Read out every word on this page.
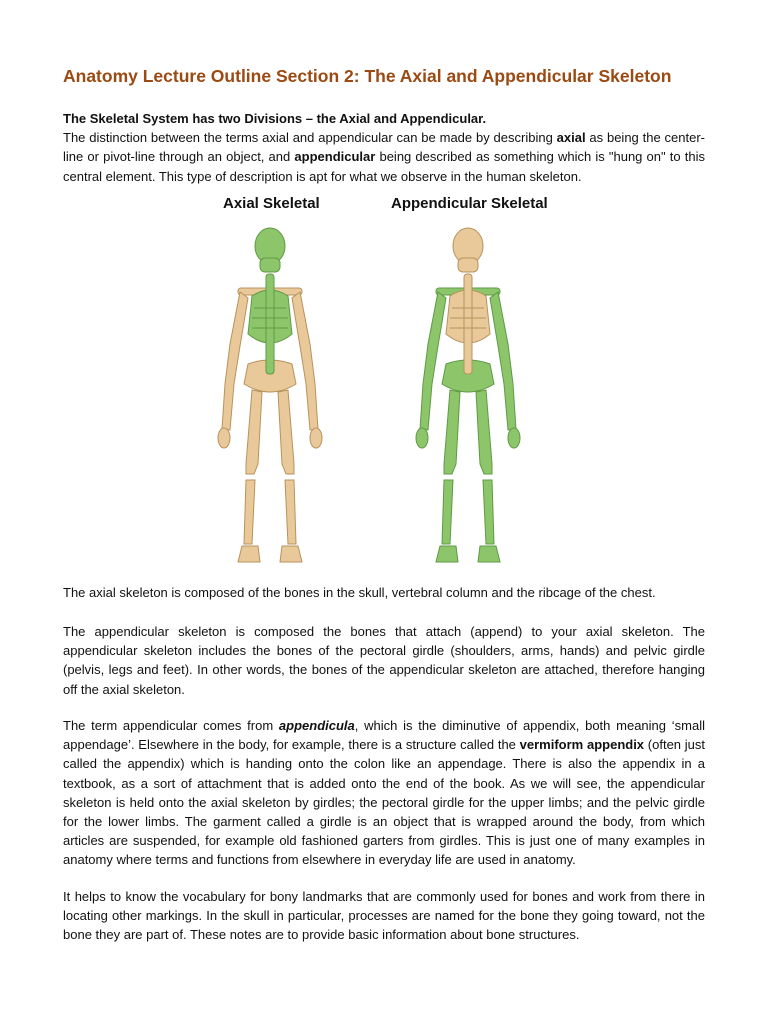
Anatomy Lecture Outline Section 2: The Axial and Appendicular Skeleton
The Skeletal System has two Divisions – the Axial and Appendicular.
The distinction between the terms axial and appendicular can be made by describing axial as being the center-line or pivot-line through an object, and appendicular being described as something which is "hung on" to this central element. This type of description is apt for what we observe in the human skeleton.
Axial Skeletal	Appendicular Skeletal
The axial skeleton is composed of the bones in the skull, vertebral column and the ribcage of the chest.
The appendicular skeleton is composed the bones that attach (append) to your axial skeleton. The appendicular skeleton includes the bones of the pectoral girdle (shoulders, arms, hands) and pelvic girdle (pelvis, legs and feet). In other words, the bones of the appendicular skeleton are attached, therefore hanging off the axial skeleton.
The term appendicular comes from appendicula, which is the diminutive of appendix, both meaning ‘small appendage’. Elsewhere in the body, for example, there is a structure called the vermiform appendix (often just called the appendix) which is handing onto the colon like an appendage. There is also the appendix in a textbook, as a sort of attachment that is added onto the end of the book. As we will see, the appendicular skeleton is held onto the axial skeleton by girdles; the pectoral girdle for the upper limbs; and the pelvic girdle for the lower limbs. The garment called a girdle is an object that is wrapped around the body, from which articles are suspended, for example old fashioned garters from girdles. This is just one of many examples in anatomy where terms and functions from elsewhere in everyday life are used in anatomy.
It helps to know the vocabulary for bony landmarks that are commonly used for bones and work from there in locating other markings. In the skull in particular, processes are named for the bone they going toward, not the bone they are part of. These notes are to provide basic information about bone structures.
